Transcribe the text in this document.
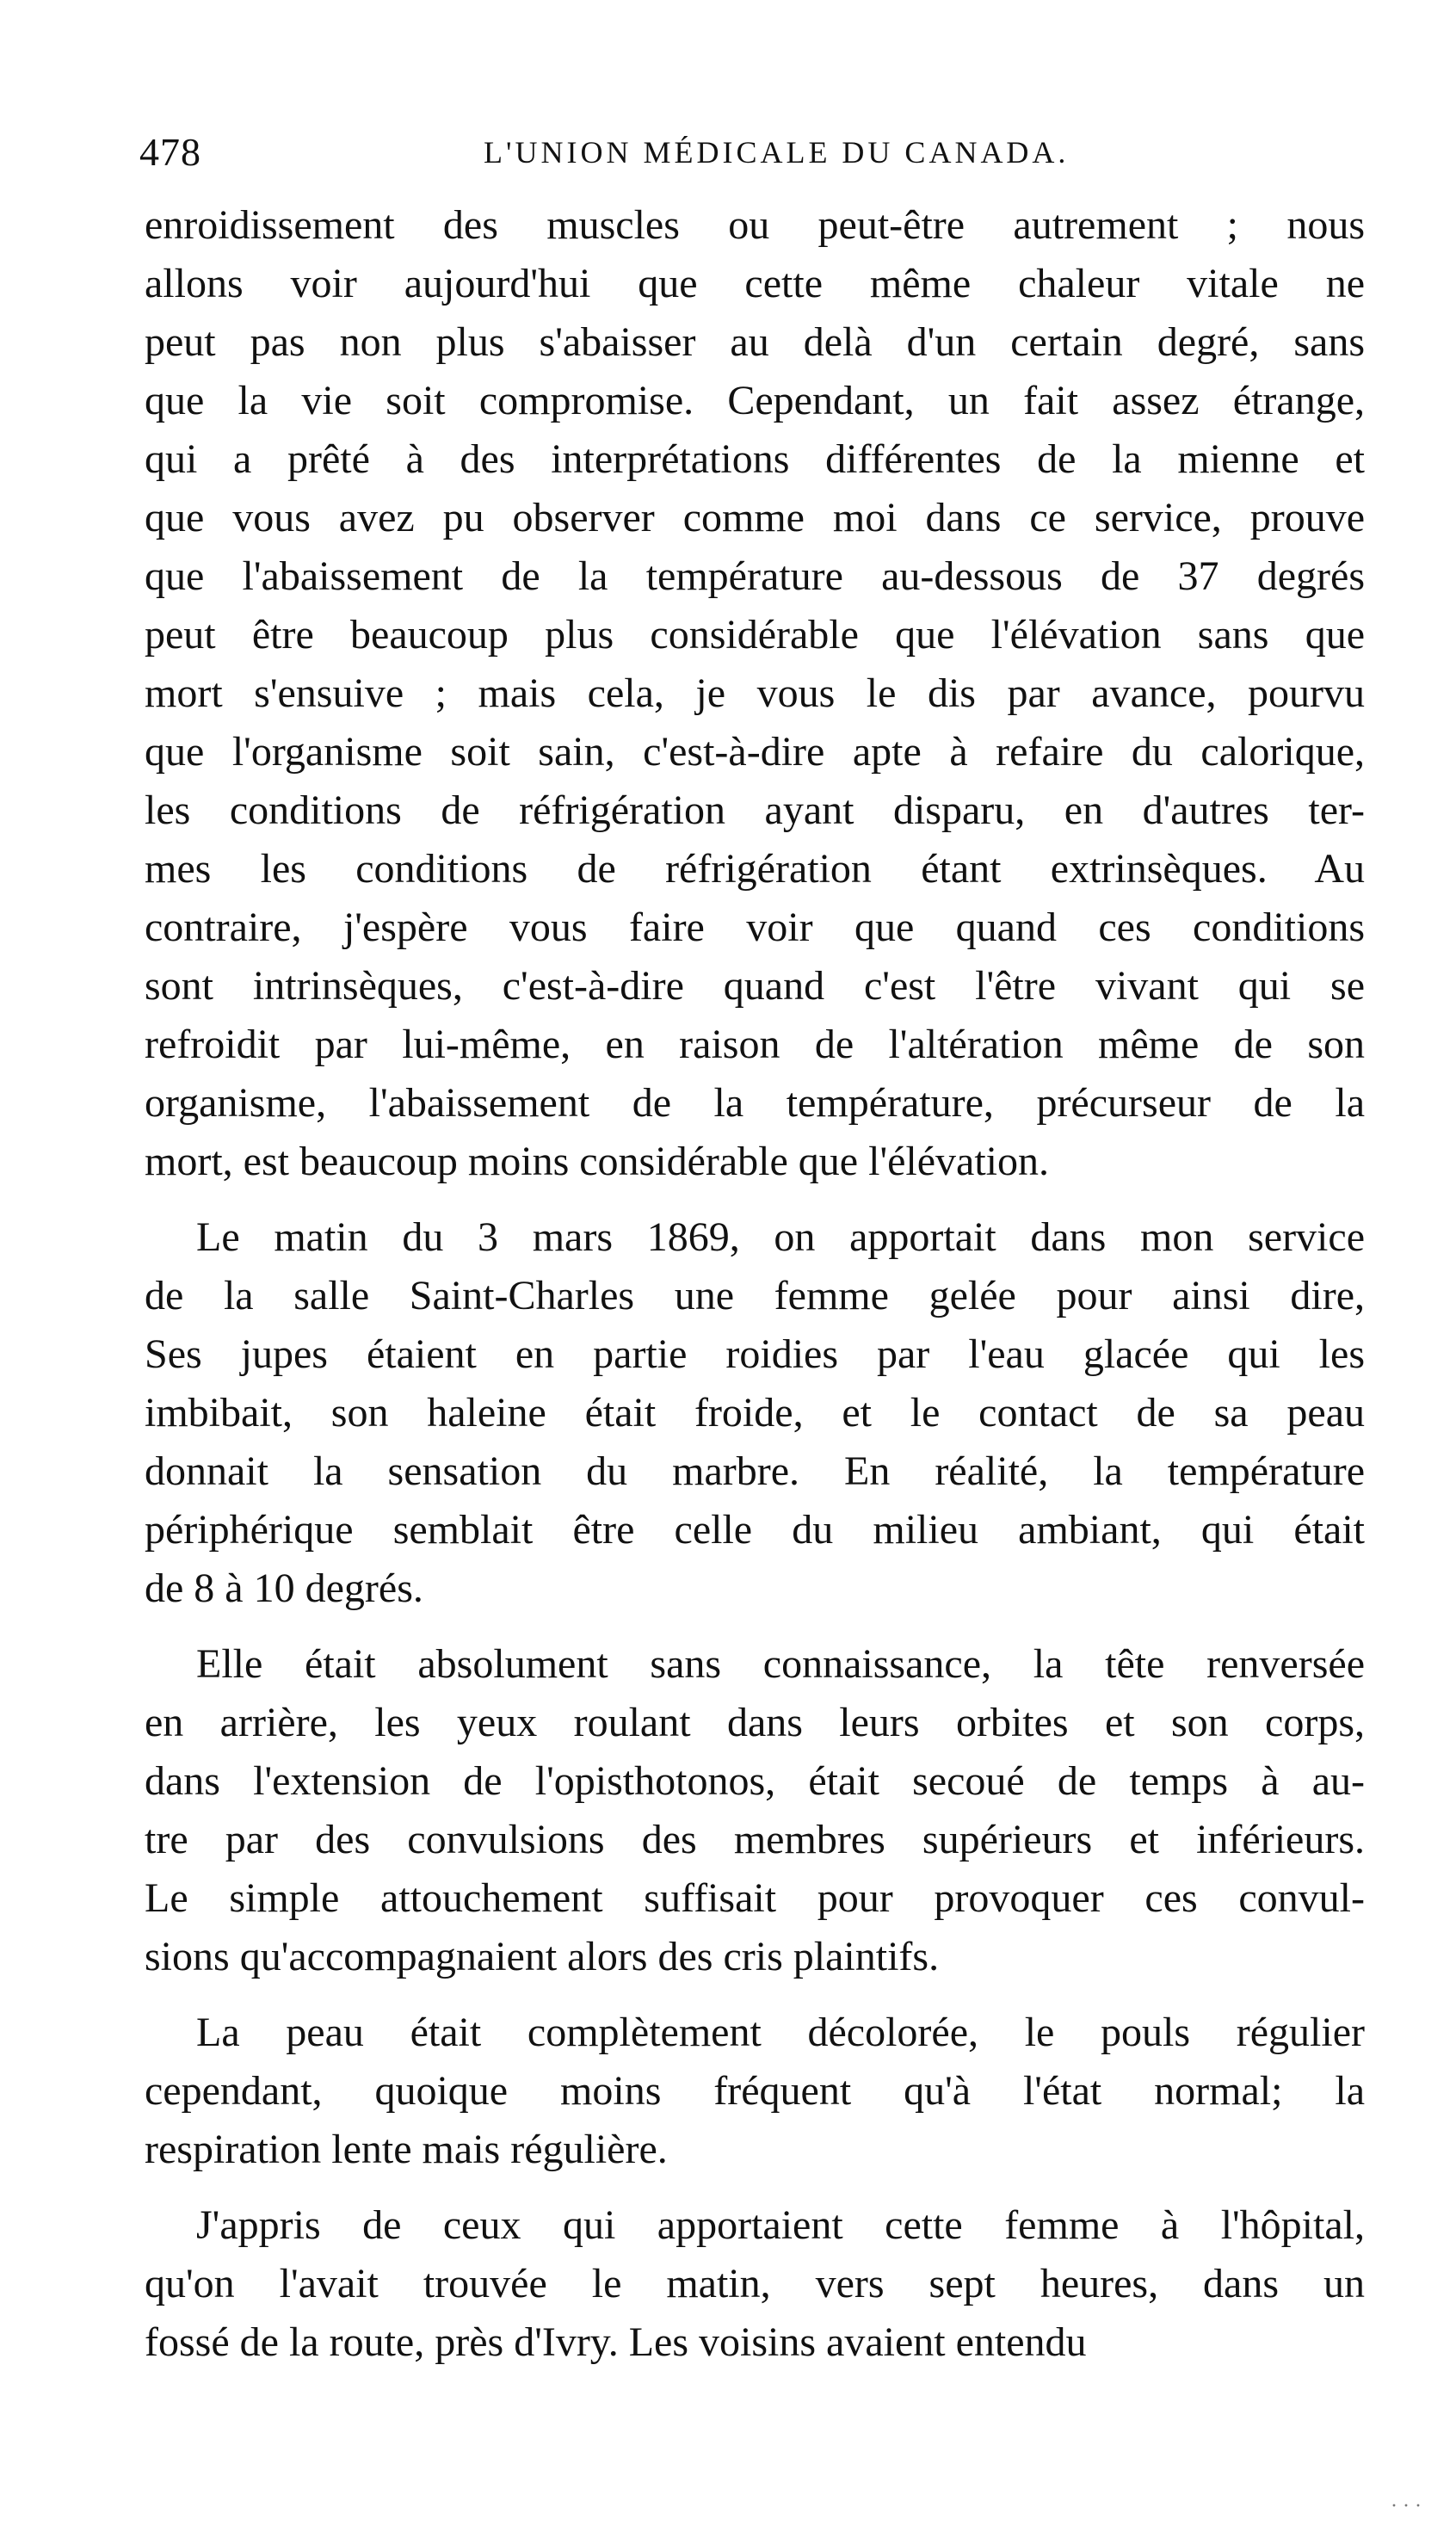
478	L'UNION MÉDICALE DU CANADA.
enroidissement des muscles ou peut-être autrement ; nous
allons voir aujourd'hui que cette même chaleur vitale ne
peut pas non plus s'abaisser au delà d'un certain degré, sans
que la vie soit compromise. Cependant, un fait assez étrange,
qui a prêté à des interprétations différentes de la mienne et
que vous avez pu observer comme moi dans ce service, prouve
que l'abaissement de la température au-dessous de 37 degrés
peut être beaucoup plus considérable que l'élévation sans que
mort s'ensuive ; mais cela, je vous le dis par avance, pourvu
que l'organisme soit sain, c'est-à-dire apte à refaire du calorique,
les conditions de réfrigération ayant disparu, en d'autres ter-
mes les conditions de réfrigération étant extrinsèques. Au
contraire, j'espère vous faire voir que quand ces conditions
sont intrinsèques, c'est-à-dire quand c'est l'être vivant qui se
refroidit par lui-même, en raison de l'altération même de son
organisme, l'abaissement de la température, précurseur de la
mort, est beaucoup moins considérable que l'élévation.
Le matin du 3 mars 1869, on apportait dans mon service
de la salle Saint-Charles une femme gelée pour ainsi dire,
Ses jupes étaient en partie roidies par l'eau glacée qui les
imbibait, son haleine était froide, et le contact de sa peau
donnait la sensation du marbre. En réalité, la température
périphérique semblait être celle du milieu ambiant, qui était
de 8 à 10 degrés.
Elle était absolument sans connaissance, la tête renversée
en arrière, les yeux roulant dans leurs orbites et son corps,
dans l'extension de l'opisthotonos, était secoué de temps à au-
tre par des convulsions des membres supérieurs et inférieurs.
Le simple attouchement suffisait pour provoquer ces convul-
sions qu'accompagnaient alors des cris plaintifs.
La peau était complètement décolorée, le pouls régulier
cependant, quoique moins fréquent qu'à l'état normal; la
respiration lente mais régulière.
J'appris de ceux qui apportaient cette femme à l'hôpital,
qu'on l'avait trouvée le matin, vers sept heures, dans un
fossé de la route, près d'Ivry. Les voisins avaient entendu
· · ·
